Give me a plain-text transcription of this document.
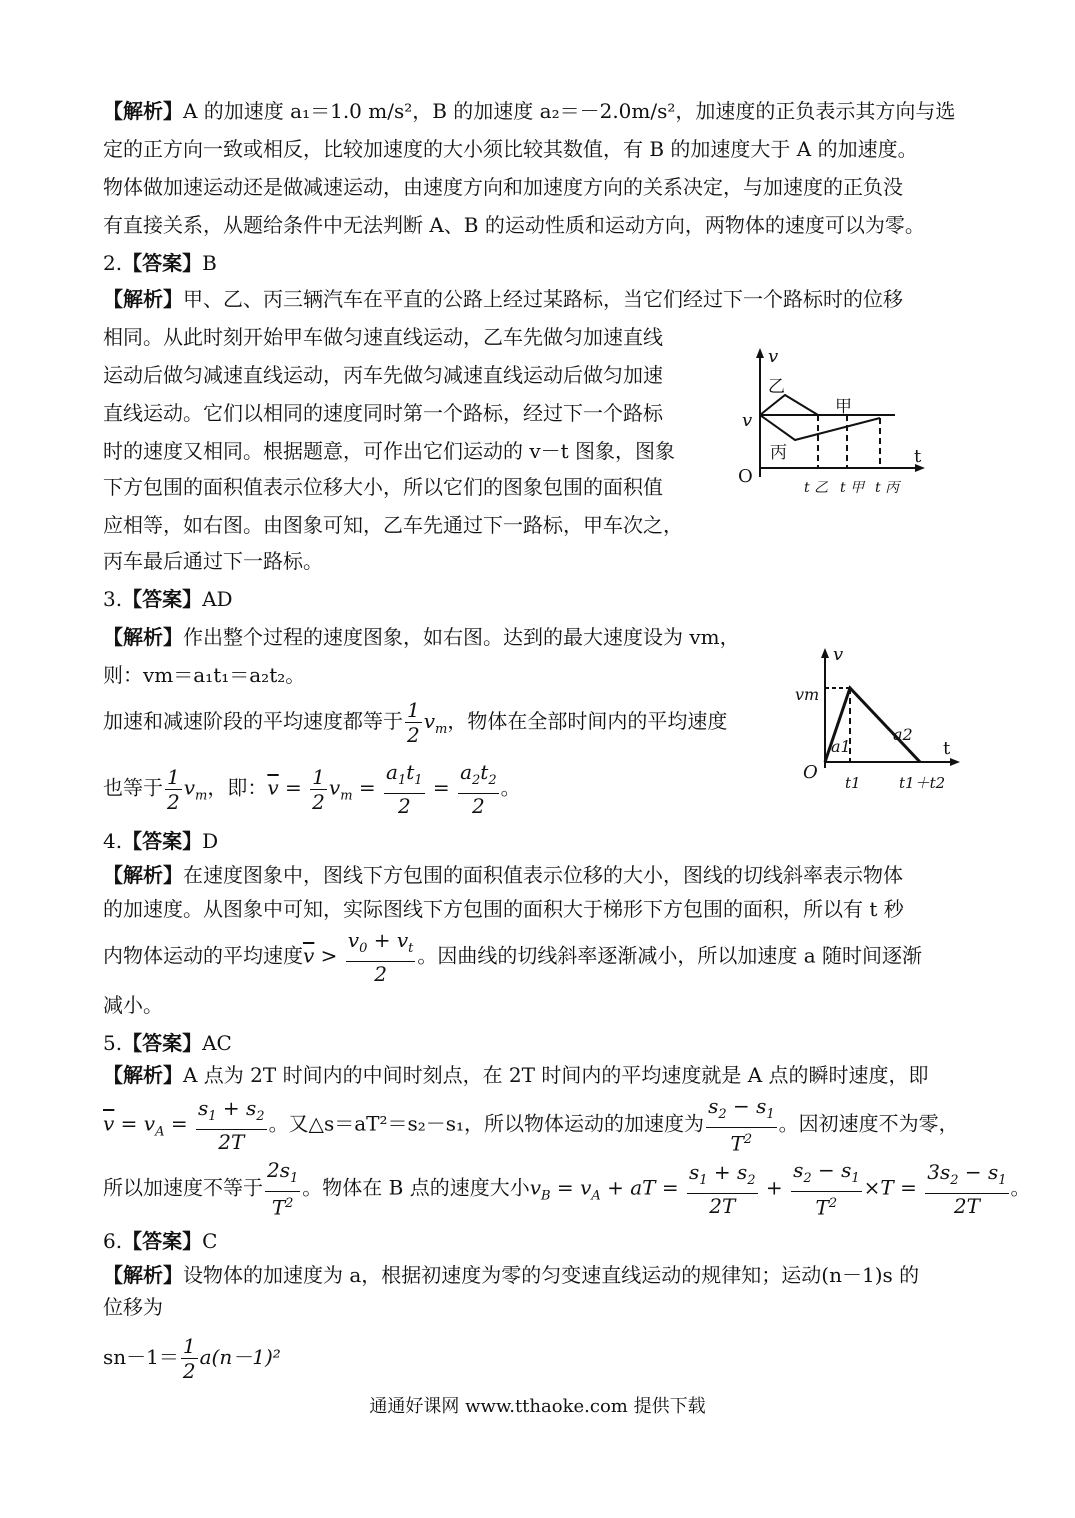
【解析】A 的加速度 a₁＝1.0 m/s²，B 的加速度 a₂＝－2.0m/s²，加速度的正负表示其方向与选
定的正方向一致或相反，比较加速度的大小须比较其数值，有 B 的加速度大于 A 的加速度。
物体做加速运动还是做减速运动，由速度方向和加速度方向的关系决定，与加速度的正负没
有直接关系，从题给条件中无法判断 A、B 的运动性质和运动方向，两物体的速度可以为零。
2.【答案】B
【解析】甲、乙、丙三辆汽车在平直的公路上经过某路标，当它们经过下一个路标时的位移
相同。从此时刻开始甲车做匀速直线运动，乙车先做匀加速直线
运动后做匀减速直线运动，丙车先做匀减速直线运动后做匀加速
直线运动。它们以相同的速度同时第一个路标，经过下一个路标
时的速度又相同。根据题意，可作出它们运动的 v－t 图象，图象
下方包围的面积值表示位移大小，所以它们的图象包围的面积值
应相等，如右图。由图象可知，乙车先通过下一路标，甲车次之，
丙车最后通过下一路标。
v
t
O
v
乙
甲
丙
t 乙 t 甲 t 丙
3.【答案】AD
【解析】作出整个过程的速度图象，如右图。达到的最大速度设为 vm，
则：vm＝a₁t₁＝a₂t₂。
加速和减速阶段的平均速度都等于 $\frac{1}{2} v_m$，物体在全部时间内的平均速度
也等于 $\frac{1}{2} v_m$，即：$\overline{v} = \frac{1}{2} v_m = \frac{a_1t_1}{2} = \frac{a_2t_2}{2}$ 。
v
t
O
vm
a1
a2
t1	t1＋t2
4.【答案】D
【解析】在速度图象中，图线下方包围的面积值表示位移的大小，图线的切线斜率表示物体
的加速度。从图象中可知，实际图线下方包围的面积大于梯形下方包围的面积，所以有 t 秒
内物体运动的平均速度$\overline{v} > \frac{v_0 + v_t}{2}$ 。因曲线的切线斜率逐渐减小，所以加速度 a 随时间逐渐
减小。
5.【答案】AC
【解析】A 点为 2T 时间内的中间时刻点，在 2T 时间内的平均速度就是 A 点的瞬时速度，即
$\overline{v} = v_A = \frac{s_1 + s_2}{2T}$ 。又△s＝aT²＝s₂－s₁，所以物体运动的加速度为 $\frac{s_2 - s_1}{T^2}$ 。因初速度不为零，
所以加速度不等于 $\frac{2s_1}{T^2}$ 。物体在 B 点的速度大小$v_B = v_A$ + aT = $\frac{s_1 + s_2}{2T} + \frac{s_2 - s_1}{T^2} \times T = \frac{3s_2 - s_1}{2T}$ 。
6.【答案】C
【解析】设物体的加速度为 a，根据初速度为零的匀变速直线运动的规律知；运动(n－1)s 的
位移为
$sn-1= \frac{1}{2} a(n-1)^2$
通通好课网 www.tthaoke.com 提供下载
